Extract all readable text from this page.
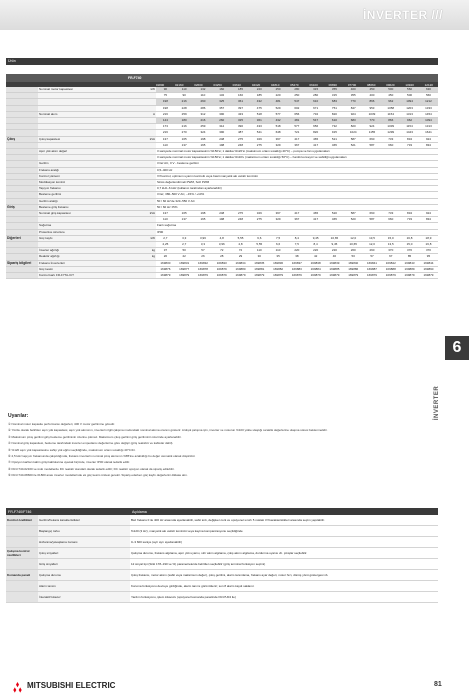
İNVERTER ///
Ürün
FR-F740
01800	02160	02600	03250	03610	04320	04810	05470	06100	06830	07700	08660	09620	10940	12120
	Nominal motor kapasitesi	kW	90	110	132	160	185	220	250	280	315	355	400	450	500	560	630
			75	90	110	132	160	185	220	250	280	315	355	400	450	500	560
			198	216	260	325	361	432	481	547	610	683	770	866	962	1094	1212
			198	228	286	357	397	475	529	602	671	751	847	953	1058	1203	1333
	Nominal akım	A	216	259	312	390	433	518	577	656	732	820	924	1039	1154	1313	1454
			144	180	216	260	325	361	432	481	547	610	683	770	866	962	1094
			173	216	259	312	390	433	518	577	656	732	820	924	1039	1154	1313
			216	270	324	390	487	541	648	721	820	915	1024	1155	1299	1443	1641
Çıkış	Çıkış kapasitesi	kVA	137	165	198	248	275	329	367	417	465	521	587	660	733	834	924
			110	137	165	198	248	275	329	367	417	465	521	587	660	733	834
	Aşırı yük akım değeri		3 saniyede nominal motor kapasitesinin %150'si; 1 dakika %120'si (maksimum ortam sıcaklığı 40°C) – pompa ve fan uygulamaları														
			3 saniyede nominal motor kapasitesinin %150'si; 1 dakika %110'u (maksimum ortam sıcaklığı 50°C) – hanlık konveyör ve sabitliği uygulamaları														
	Gerilim		3 faz AC, 0 V - besleme gerilimi														
	Frekans aralığı		0,5–400 Hz														
	Kontrol yöntemi		V/f kontrol, optimum uyarım kontrolü veya basit manyetik akı vektör kontrolü														
	Modülasyon kontrol		Sinüs değerlendirmeli PWM, Soft PWM														
	Taşıyıcı frekansı		0,7 kHz–6 kHz (kullanıcı tarafından ayarlanabilir)														
	Besleme gerilimi		3 faz, 380–500 V AC, –15% / +10%														
	Gerilim aralığı		50 / 60 Hz'de 323–550 V AC														
Giriş	Besleme giriş frekansı		50 / 60 Hz ±5%														
	Nominal giriş kapasitesi	kVA	137	165	198	248	275	329	367	417	465	520	587	660	733	834	924
			110	137	165	198	248	275	329	367	417	465	520	587	660	733	834
	Soğutma		Fanlı soğutma														
	Protective structure		IP00														
Diğerleri	Güç kaybı	kW	2,7	3,3	3,96	4,8	5,55	6,6	7,5	8,4	9,45	10,65	12,0	13,5	15,0	16,8	18,9
			2,25	2,7	3,3	3,96	4,8	5,55	6,6	7,5	8,4	9,45	10,65	12,0	13,5	15,0	16,8
	İnverter ağırlığı	kg	37	50	57	72	72	110	110	220	220	220	260	260	370	370	370
	Reaktör ağırlığı	kg	20	22	26	28	29	30	35	38	42	46	50	57	67	85	95
Sipariş bilgileri	Frekans İnverterleri		169830	169831	169832	169833	169834	169835	169836	169837	169838	169839	169840	169841	169842	169843	169844
	Güç kesim		169876	169877	169878	169879	169880	169881	169882	169883	169884	169885	169886	169887	169888	169889	169890
	Kontrol kartı FR-F7TA-ICT		169879	169879	169879	169879	169879	169879	169879	169879	169879	169879	169879	169879	169879	169879	169879
Uyarılar:
① Nominal motor kapasite performansı değerleri, 400 V motor gerilimine göredir.
② Yüzde olarak belirtilen aşırı yük kapasitesi, aşırı yük akımının, inverterin ilgili çalışma modundaki nominal akıma oranını gösterir. Ardışık çalışma için, inverter ve motorun %100 yükte ulaştığı sıcaklık değerlerine ulaşma süresi beklenmelidir.
③ Maksimum çıkış gerilimi giriş besleme geriliminin üzerine çıkmaz. Maksimum çıkış gerilimi giriş geriliminin üzerinde ayarlanabilir.
④ Nominal giriş kapasitesi, besleme tarafındaki inverter empedansı değerlerine göre değişir (giriş reaktörü ve kablolar dahil).
⑤ %120 aşırı yük kapasitesine sahip yük eğrisi seçildiğinde, maksimum ortam sıcaklığı 40°C'dir.
⑥ 2,5 kHz taşıyıcı frekansında çalışıldığında, frekans inverterin nominal çıkış akımının %85'ine azaltıldığı bu değer otomatik olarak düşürülür.
⑦ Opsiyon kartları kabin girişi kablolarına uyacak biçimde, inverter IP00 olarak tedarik edilir.
⑧ FR-F740-02160 ve üstü modellerde DC reaktör standart olarak tedarik edilir; DC reaktör opsiyon olarak da sipariş edilebilir.
⑨ FR-F740-08660 ile 01800 arası inverter modellerinde ek güç kesim ünitesi gerekir. Sipariş ederken güç kaybı değerlerini dikkate alın.
FR-F740/F746	Açıklama
Kontrol özellikleri	Gerilim/frekans karakteristikleri	Baz frekans 0 ile 400 Hz arasında ayarlanabilir, sabit tork, değişken tork ve opsiyonel sınırlı 5 noktalı V/f karakteristikleri arasında seçim yapılabilir.
	Başlangıç torku	%120 (3 Hz), manyetik akı vektör kontrolü veya kayma kompanzasyonu seçildiğinde
	Hızlanma/yavaşlama zamanı	0–3 600 saniye (ayrı ayrı ayarlanabilir)
Çalışma kontrol özellikleri	Çıkış sinyalleri	Çalışma durumu, frekans algılama, aşırı yük uyarısı, sıfır akım algılama, çıkış akımı algılama, durdurma uyarısı vb. çıkışlar seçilebilir.
	Giriş sinyalleri	12 sinyal tipi (Sirki 178–190 ve %) parametrelerde belirtilen seçilebilir (giriş terminal fonksiyon seçimi)
Komanda paneli	Çalışma durumu	Çıkış frekansı, motor akımı (sabit veya maksimum değer), çıkış gerilimi, alarm tanımlama, frekans ayar değeri, motor hızı, dönüş yönü göstergesi vb.
	Alarm tanımı	Koruma fonksiyonu devreye girdiğinde, alarm tanımı görüntülenir; son 8 alarm kaydı saklanır.
	İnteraktif kılavuz	Yardım fonksiyonu, işlem kılavuzu (opsiyonel komanda panelinde FR-PU04 ile)
6
İNVERTER
MITSUBISHI ELECTRIC	81
